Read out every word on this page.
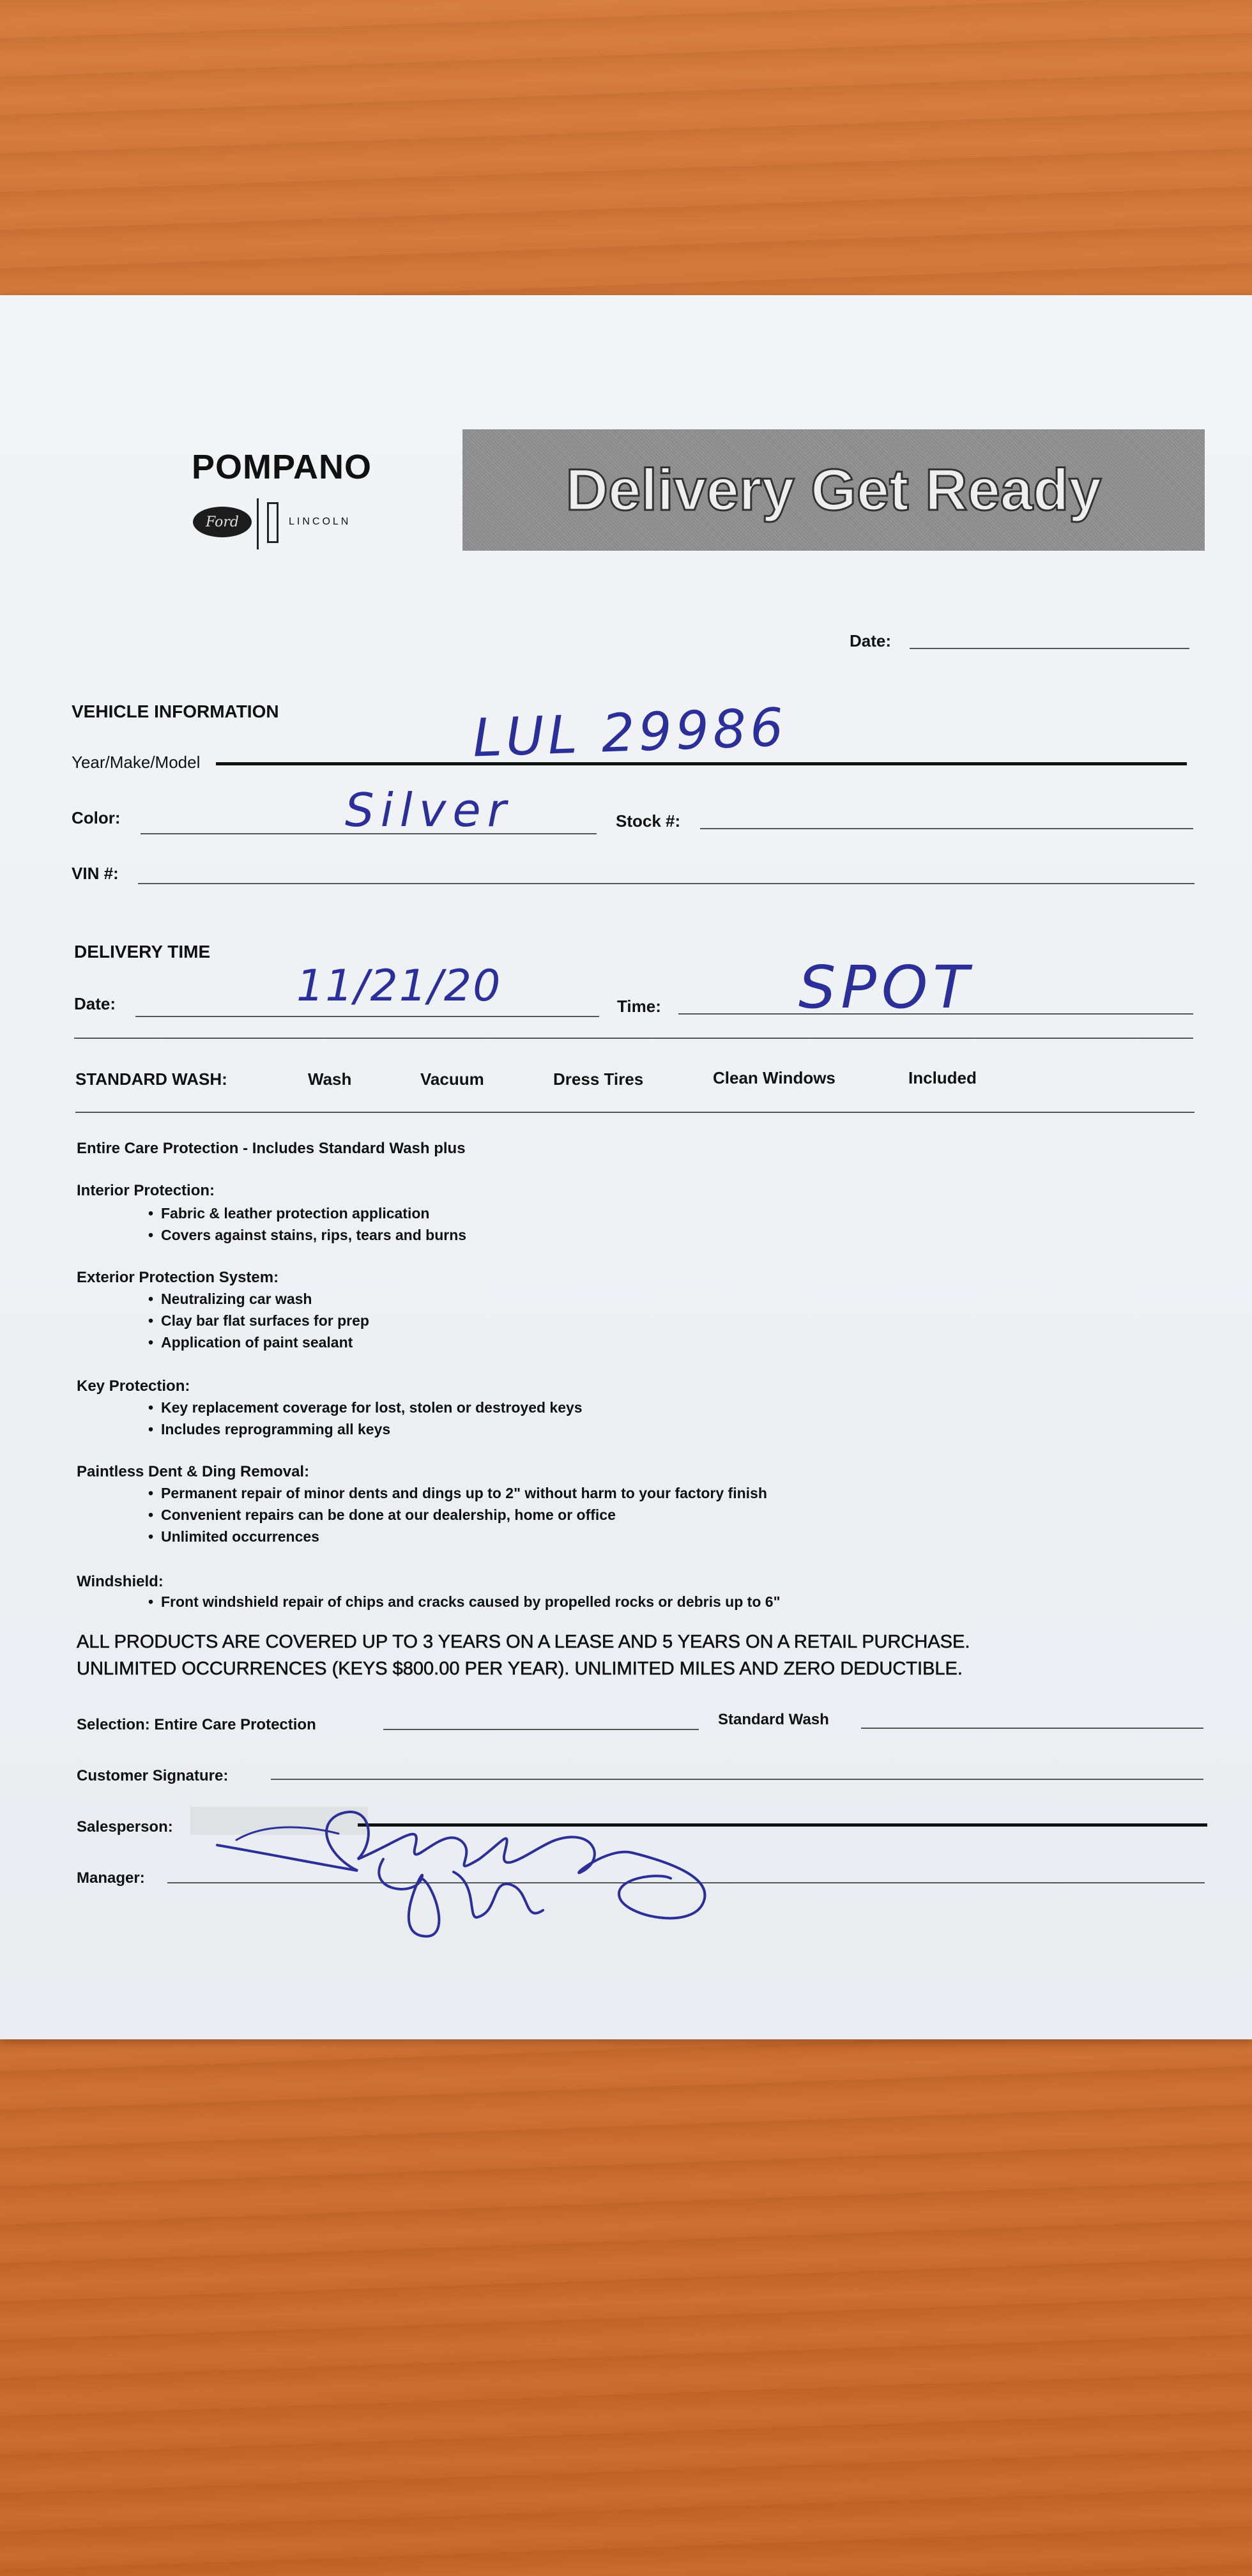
POMPANO
Ford	LINCOLN	Delivery Get Ready
Date:
VEHICLE INFORMATION
Year/Make/Model	LUL 29986
Color:	Silver	Stock #:
VIN #:
DELIVERY TIME
Date:	11/21/20	Time: SPOT
STANDARD WASH:	Wash	Vacuum	Dress Tires	Clean Windows	Included
Entire Care Protection - Includes Standard Wash plus
Interior Protection:
• Fabric & leather protection application
• Covers against stains, rips, tears and burns
Exterior Protection System:
• Neutralizing car wash
• Clay bar flat surfaces for prep
• Application of paint sealant
Key Protection:
• Key replacement coverage for lost, stolen or destroyed keys
• Includes reprogramming all keys
Paintless Dent & Ding Removal:
• Permanent repair of minor dents and dings up to 2" without harm to your factory finish
• Convenient repairs can be done at our dealership, home or office
• Unlimited occurrences
Windshield:
• Front windshield repair of chips and cracks caused by propelled rocks or debris up to 6"
ALL PRODUCTS ARE COVERED UP TO 3 YEARS ON A LEASE AND 5 YEARS ON A RETAIL PURCHASE.
UNLIMITED OCCURRENCES (KEYS $800.00 PER YEAR). UNLIMITED MILES AND ZERO DEDUCTIBLE.
Selection: Entire Care Protection	Standard Wash
Customer Signature:
Salesperson:
Manager:
